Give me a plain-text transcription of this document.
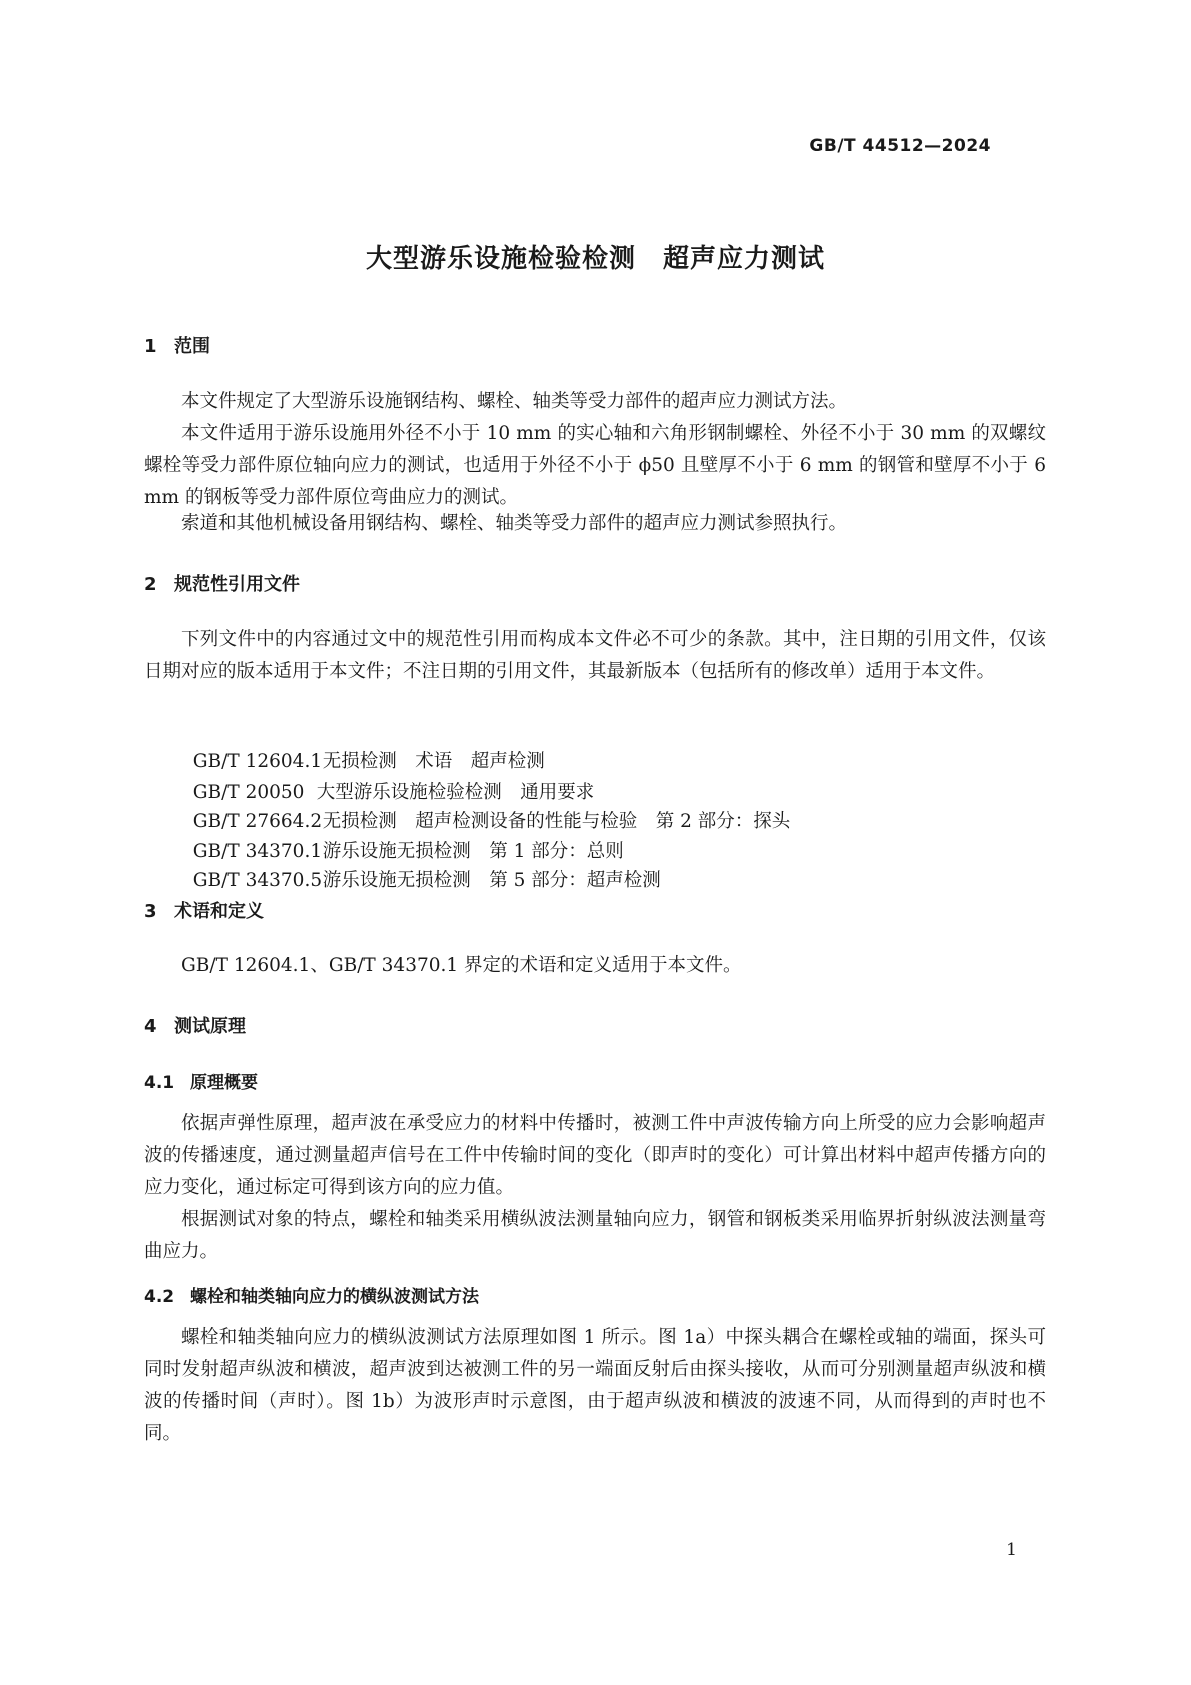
GB/T 44512—2024
大型游乐设施检验检测　超声应力测试
1 范围

本文件规定了大型游乐设施钢结构、螺栓、轴类等受力部件的超声应力测试方法。

本文件适用于游乐设施用外径不小于 10 mm 的实心轴和六角形钢制螺栓、外径不小于 30 mm 的双螺纹螺栓等受力部件原位轴向应力的测试，也适用于外径不小于 ϕ50 且壁厚不小于 6 mm 的钢管和壁厚不小于 6 mm 的钢板等受力部件原位弯曲应力的测试。

索道和其他机械设备用钢结构、螺栓、轴类等受力部件的超声应力测试参照执行。

2 规范性引用文件

下列文件中的内容通过文中的规范性引用而构成本文件必不可少的条款。其中，注日期的引用文件，仅该日期对应的版本适用于本文件；不注日期的引用文件，其最新版本（包括所有的修改单）适用于本文件。

GB/T 12604.1无损检测　术语　超声检测

GB/T 20050 大型游乐设施检验检测　通用要求

GB/T 27664.2无损检测　超声检测设备的性能与检验　第 2 部分：探头

GB/T 34370.1游乐设施无损检测　第 1 部分：总则

GB/T 34370.5游乐设施无损检测　第 5 部分：超声检测

3 术语和定义

GB/T 12604.1、GB/T 34370.1 界定的术语和定义适用于本文件。

4 测试原理
4.1 原理概要

依据声弹性原理，超声波在承受应力的材料中传播时，被测工件中声波传输方向上所受的应力会影响超声波的传播速度，通过测量超声信号在工件中传输时间的变化（即声时的变化）可计算出材料中超声传播方向的应力变化，通过标定可得到该方向的应力值。

根据测试对象的特点，螺栓和轴类采用横纵波法测量轴向应力，钢管和钢板类采用临界折射纵波法测量弯曲应力。

4.2 螺栓和轴类轴向应力的横纵波测试方法

螺栓和轴类轴向应力的横纵波测试方法原理如图 1 所示。图 1a）中探头耦合在螺栓或轴的端面，探头可同时发射超声纵波和横波，超声波到达被测工件的另一端面反射后由探头接收，从而可分别测量超声纵波和横波的传播时间（声时）。图 1b）为波形声时示意图，由于超声纵波和横波的波速不同，从而得到的声时也不同。

1
